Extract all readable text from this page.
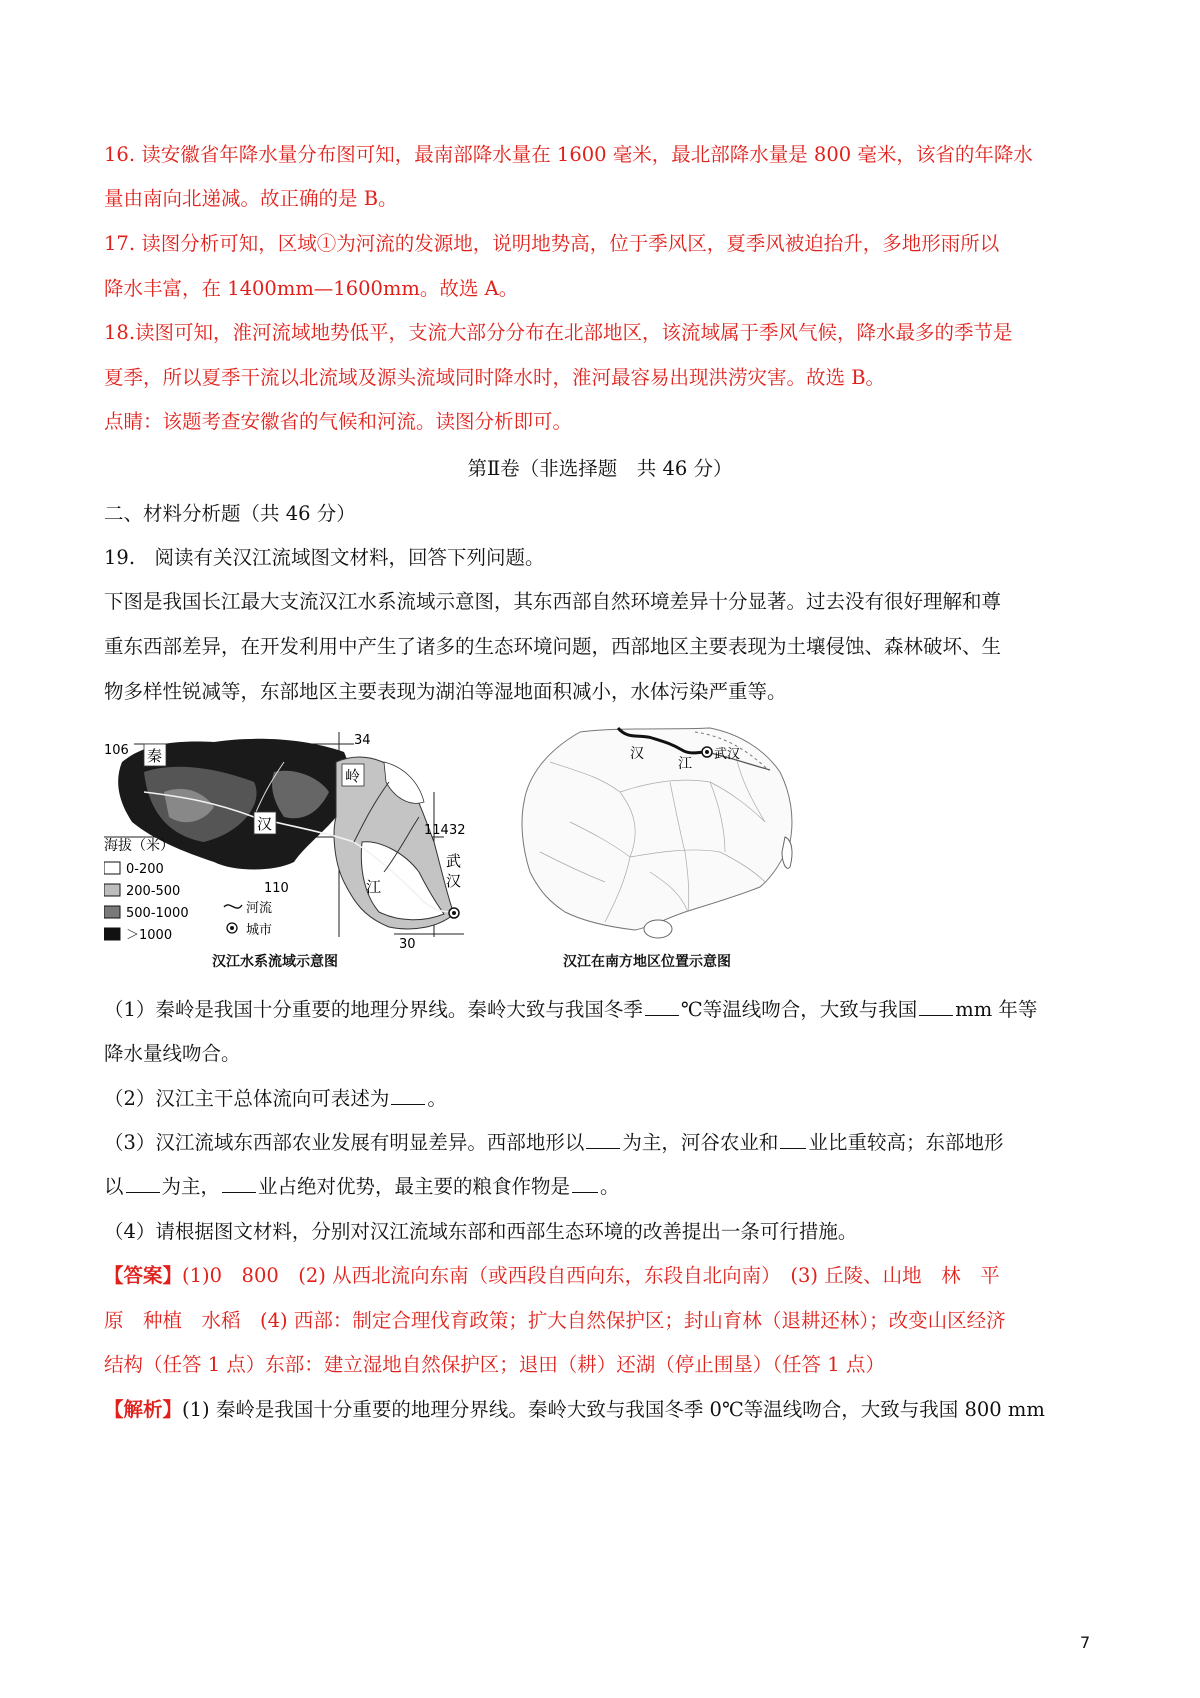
16. 读安徽省年降水量分布图可知，最南部降水量在 1600 毫米，最北部降水量是 800 毫米，该省的年降水
量由南向北递减。故正确的是 B。
17. 读图分析可知，区域①为河流的发源地，说明地势高，位于季风区，夏季风被迫抬升，多地形雨所以
降水丰富，在 1400mm—1600mm。故选 A。
18.读图可知，淮河流域地势低平，支流大部分分布在北部地区，该流域属于季风气候，降水最多的季节是
夏季，所以夏季干流以北流域及源头流域同时降水时，淮河最容易出现洪涝灾害。故选 B。
点睛：该题考查安徽省的气候和河流。读图分析即可。
第Ⅱ卷（非选择题　共 46 分）
二、材料分析题（共 46 分）
19.　阅读有关汉江流域图文材料，回答下列问题。
下图是我国长江最大支流汉江水系流域示意图，其东西部自然环境差异十分显著。过去没有很好理解和尊
重东西部差异，在开发利用中产生了诸多的生态环境问题，西部地区主要表现为土壤侵蚀、森林破坏、生
物多样性锐减等，东部地区主要表现为湖泊等湿地面积减小，水体污染严重等。
106
34
114 32
110
30
秦
岭
汉
江
武
汉
海拔（米）
0-200
200-500
500-1000
＞1000
河流
城市
汉江水系流域示意图
汉
江
武汉
汉江在南方地区位置示意图
（1）秦岭是我国十分重要的地理分界线。秦岭大致与我国冬季 ℃等温线吻合，大致与我国 mm 年等
降水量线吻合。
（2）汉江主干总体流向可表述为 。
（3）汉江流域东西部农业发展有明显差异。西部地形以 为主，河谷农业和 业比重较高；东部地形
以 为主， 业占绝对优势，最主要的粮食作物是 。
（4）请根据图文材料，分别对汉江流域东部和西部生态环境的改善提出一条可行措施。
【答案】(1)0　800　(2) 从西北流向东南（或西段自西向东，东段自北向南）　(3) 丘陵、山地　林　平
原　种植　水稻　(4) 西部：制定合理伐育政策；扩大自然保护区；封山育林（退耕还林）；改变山区经济
结构（任答 1 点）东部：建立湿地自然保护区；退田（耕）还湖（停止围垦）（任答 1 点）
【解析】(1) 秦岭是我国十分重要的地理分界线。秦岭大致与我国冬季 0℃等温线吻合，大致与我国 800 mm
7
